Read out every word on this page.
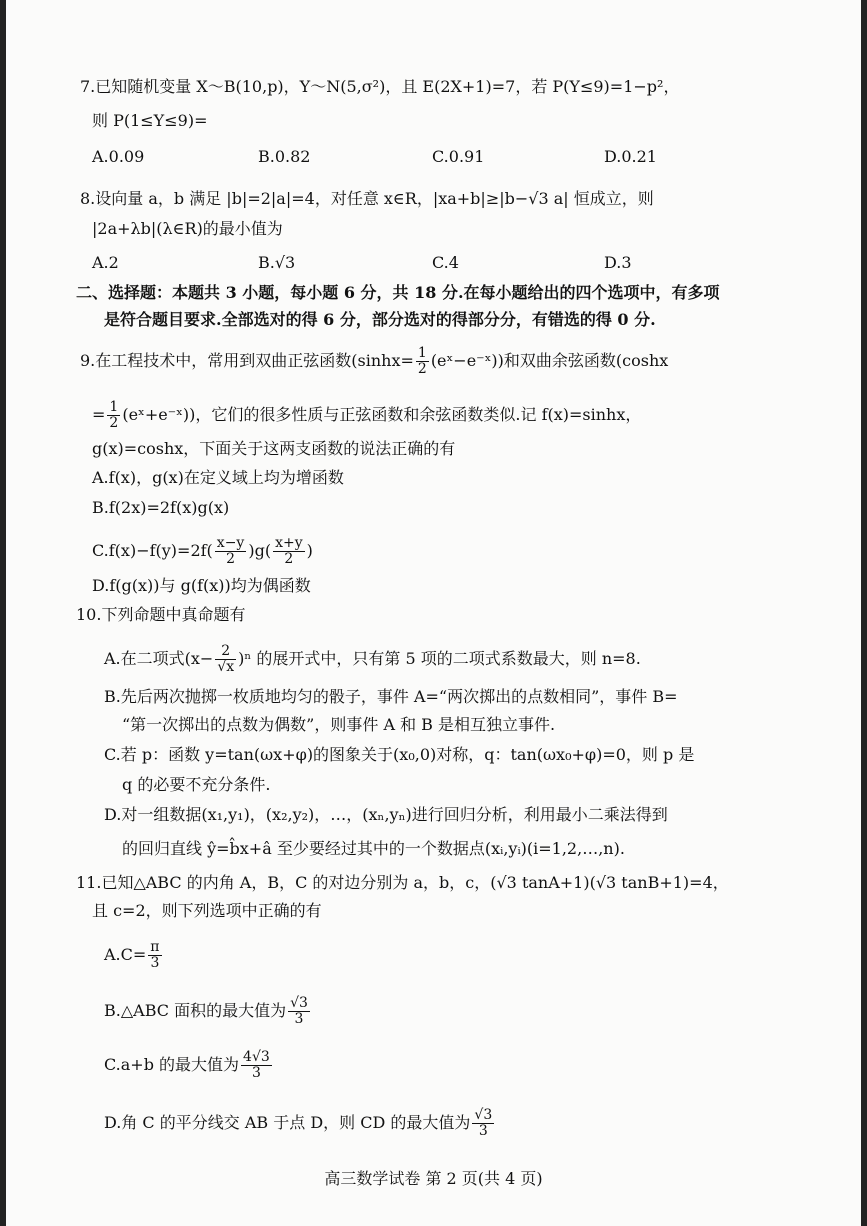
7.已知随机变量 X～B(10,p)，Y～N(5,σ²)，且 E(2X+1)=7，若 P(Y≤9)=1−p²，
则 P(1≤Y≤9)=
A.0.09	B.0.82	C.0.91	D.0.21
8.设向量 a，b 满足 |b|=2|a|=4，对任意 x∈R，|xa+b|≥|b−√3 a| 恒成立，则
|2a+λb|(λ∈R)的最小值为
A.2	B.√3	C.4	D.3
二、选择题：本题共 3 小题，每小题 6 分，共 18 分.在每小题给出的四个选项中，有多项
是符合题目要求.全部选对的得 6 分，部分选对的得部分分，有错选的得 0 分.
9.在工程技术中，常用到双曲正弦函数($\sinh x= \frac{1}{2}$ (eˣ−e⁻ˣ))和双曲余弦函数(coshx
= $\frac{1}{2}$ (eˣ+e⁻ˣ))，它们的很多性质与正弦函数和余弦函数类似.记 f(x)=sinhx，
g(x)=coshx，下面关于这两支函数的说法正确的有
A.f(x)，g(x)在定义域上均为增函数
B.f(2x)=2f(x)g(x)
$C.f(x)-f(y)=2f( \frac{x-y}{2} )g( \frac{x+y}{2}$ )
D.f(g(x))与 g(f(x))均为偶函数
10.下列命题中真命题有
A.在二项式$(x- \frac{2}{√x} )^n$ 的展开式中，只有第 5 项的二项式系数最大，则 n=8.
B.先后两次抛掷一枚质地均匀的骰子，事件 A=“两次掷出的点数相同”，事件 B=
“第一次掷出的点数为偶数”，则事件 A 和 B 是相互独立事件.
C.若 p：函数 y=tan(ωx+φ)的图象关于(x₀,0)对称，q：tan(ωx₀+φ)=0，则 p 是
q 的必要不充分条件.
D.对一组数据(x₁,y₁)，(x₂,y₂)，…，(xₙ,yₙ)进行回归分析，利用最小二乘法得到
的回归直线 ŷ=b̂x+â 至少要经过其中的一个数据点(xᵢ,yᵢ)(i=1,2,…,n).
11.已知△ABC 的内角 A，B，C 的对边分别为 a，b，c，(√3 tanA+1)(√3 tanB+1)=4，
且 c=2，则下列选项中正确的有
$A.C= \frac{\pi}{3}$
B.△ABC 面积的最大值为 $\frac{√3}{3}$
C.a+b 的最大值为 $\frac{4√3}{3}$
D.角 C 的平分线交 AB 于点 D，则 CD 的最大值为 $\frac{√3}{3}$
高三数学试卷 第 2 页(共 4 页)
